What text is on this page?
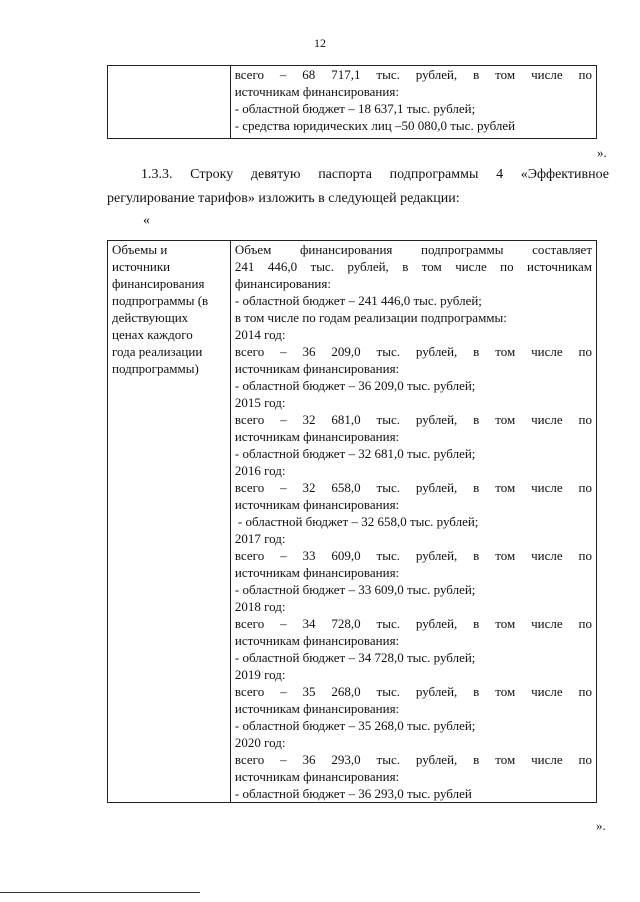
12

всего – 68 717,1 тыс. рублей, в том числе по
источникам финансирования:
- областной бюджет – 18 637,1 тыс. рублей;
- средства юридических лиц –50 080,0 тыс. рублей
».
1.3.3. Строку девятую паспорта подпрограммы 4 «Эффективное
регулирование тарифов» изложить в следующей редакции:
«
Объемы и
источники
финансирования
подпрограммы (в
действующих
ценах каждого
года реализации
подпрограммы)

Объем финансирования подпрограммы составляет
241 446,0 тыс. рублей, в том числе по источникам
финансирования:
- областной бюджет – 241 446,0 тыс. рублей;
в том числе по годам реализации подпрограммы:
2014 год:
всего – 36 209,0 тыс. рублей, в том числе по
источникам финансирования:
- областной бюджет – 36 209,0 тыс. рублей;
2015 год:
всего – 32 681,0 тыс. рублей, в том числе по
источникам финансирования:
- областной бюджет – 32 681,0 тыс. рублей;
2016 год:
всего – 32 658,0 тыс. рублей, в том числе по
источникам финансирования:
- областной бюджет – 32 658,0 тыс. рублей;
2017 год:
всего – 33 609,0 тыс. рублей, в том числе по
источникам финансирования:
- областной бюджет – 33 609,0 тыс. рублей;
2018 год:
всего – 34 728,0 тыс. рублей, в том числе по
источникам финансирования:
- областной бюджет – 34 728,0 тыс. рублей;
2019 год:
всего – 35 268,0 тыс. рублей, в том числе по
источникам финансирования:
- областной бюджет – 35 268,0 тыс. рублей;
2020 год:
всего – 36 293,0 тыс. рублей, в том числе по
источникам финансирования:
- областной бюджет – 36 293,0 тыс. рублей
».
